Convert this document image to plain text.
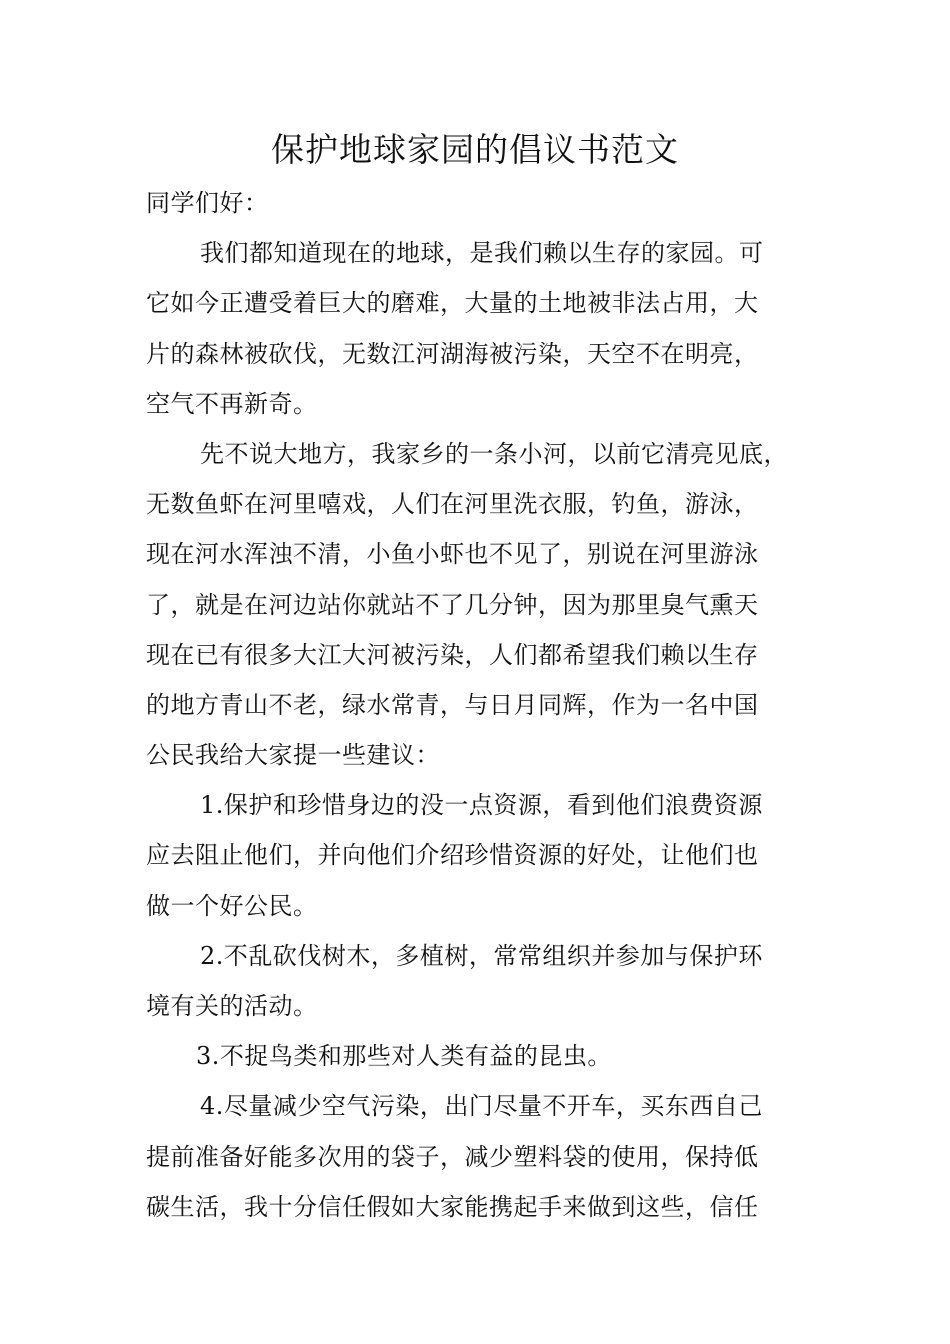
保护地球家园的倡议书范文
同学们好：
我们都知道现在的地球，是我们赖以生存的家园。可
它如今正遭受着巨大的磨难，大量的土地被非法占用，大
片的森林被砍伐，无数江河湖海被污染，天空不在明亮，
空气不再新奇。
先不说大地方，我家乡的一条小河，以前它清亮见底，
无数鱼虾在河里嘻戏，人们在河里洗衣服，钓鱼，游泳，
现在河水浑浊不清，小鱼小虾也不见了，别说在河里游泳
了，就是在河边站你就站不了几分钟，因为那里臭气熏天
现在已有很多大江大河被污染，人们都希望我们赖以生存
的地方青山不老，绿水常青，与日月同辉，作为一名中国
公民我给大家提一些建议：
1.保护和珍惜身边的没一点资源，看到他们浪费资源
应去阻止他们，并向他们介绍珍惜资源的好处，让他们也
做一个好公民。
2.不乱砍伐树木，多植树，常常组织并参加与保护环
境有关的活动。
3.不捉鸟类和那些对人类有益的昆虫。
4.尽量减少空气污染，出门尽量不开车，买东西自己
提前准备好能多次用的袋子，减少塑料袋的使用，保持低
碳生活，我十分信任假如大家能携起手来做到这些，信任
